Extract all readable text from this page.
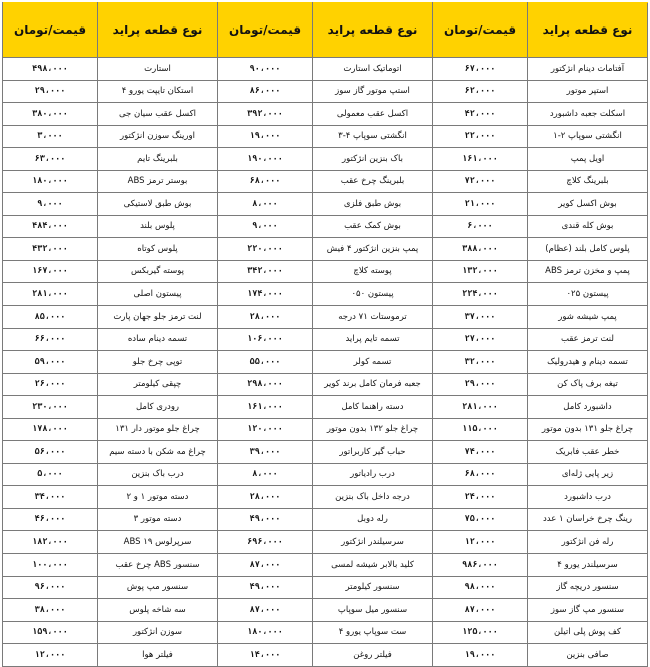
نوع قطعه پراید	قیمت/تومان	نوع قطعه پراید	قیمت/تومان	نوع قطعه پراید	قیمت/تومان
آفتامات دینام انژکتور	۶۷،۰۰۰	اتوماتیک استارت	۹۰،۰۰۰	استارت	۴۹۸،۰۰۰
استپر موتور	۶۲،۰۰۰	استپ موتور گاز سوز	۸۶،۰۰۰	استکان تایپت یورو ۴	۲۹،۰۰۰
اسکلت جعبه داشبورد	۴۲،۰۰۰	اکسل عقب معمولی	۳۹۲،۰۰۰	اکسل عقب سیان جی	۳۸۰،۰۰۰
انگشتی سوپاپ ۲-۱	۲۲،۰۰۰	انگشتی سوپاپ ۴-۳	۱۹،۰۰۰	اورینگ سوزن انژکتور	۳،۰۰۰
اویل پمپ	۱۶۱،۰۰۰	باک بنزین انژکتور	۱۹۰،۰۰۰	بلبرینگ تایم	۶۳،۰۰۰
بلبرینگ کلاچ	۷۲،۰۰۰	بلبرینگ چرخ عقب	۶۸،۰۰۰	بوستر ترمز ABS	۱۸۰،۰۰۰
بوش اکسل کویر	۲۱،۰۰۰	بوش طبق فلزی	۸،۰۰۰	بوش طبق لاستیکی	۹،۰۰۰
بوش کله قندی	۶،۰۰۰	بوش کمک عقب	۹،۰۰۰	پلوس بلند	۴۸۴،۰۰۰
پلوس کامل بلند (عظام)	۳۸۸،۰۰۰	پمپ بنزین انژکتور ۴ فیش	۲۲۰،۰۰۰	پلوس کوتاه	۴۳۲،۰۰۰
پمپ و مخزن ترمز ABS	۱۳۲،۰۰۰	پوسته کلاچ	۳۴۲،۰۰۰	پوسته گیربکس	۱۶۷،۰۰۰
پیستون ۰۲۵	۲۲۴،۰۰۰	پیستون ۰۵۰	۱۷۴،۰۰۰	پیستون اصلی	۲۸۱،۰۰۰
پمپ شیشه شور	۳۷،۰۰۰	ترموستات ۷۱ درجه	۲۸،۰۰۰	لنت ترمز جلو جهان پارت	۸۵،۰۰۰
لنت ترمز عقب	۲۷،۰۰۰	تسمه تایم پراید	۱۰۶،۰۰۰	تسمه دینام ساده	۶۶،۰۰۰
تسمه دینام و هیدرولیک	۳۲،۰۰۰	تسمه کولر	۵۵،۰۰۰	توپی چرخ جلو	۵۹،۰۰۰
تیغه برف پاک کن	۲۹،۰۰۰	جعبه فرمان کامل برند کویر	۲۹۸،۰۰۰	چپقی کیلومتر	۲۶،۰۰۰
داشبورد کامل	۲۸۱،۰۰۰	دسته راهنما کامل	۱۶۱،۰۰۰	رودری کامل	۲۳۰،۰۰۰
چراغ جلو ۱۳۱ بدون موتور	۱۱۵،۰۰۰	چراغ جلو ۱۳۲ بدون موتور	۱۲۰،۰۰۰	چراغ جلو موتور دار ۱۳۱	۱۷۸،۰۰۰
خطر عقب فابریک	۷۴،۰۰۰	حباب گیر کاربراتور	۳۹،۰۰۰	چراغ مه شکن با دسته سیم	۵۶،۰۰۰
زیر پایی ژله‌ای	۶۸،۰۰۰	درب رادیاتور	۸،۰۰۰	درب باک بنزین	۵،۰۰۰
درب داشبورد	۲۴،۰۰۰	درجه داخل باک بنزین	۲۸،۰۰۰	دسته موتور ۱ و ۲	۳۴،۰۰۰
رینگ چرخ خراسان ۱ عدد	۷۵،۰۰۰	رله دوبل	۴۹،۰۰۰	دسته موتور ۳	۴۶،۰۰۰
رله فن انژکتور	۱۲،۰۰۰	سرسیلندر انژکتور	۶۹۶،۰۰۰	سرپرلوس ۱۹ ABS	۱۸۲،۰۰۰
سرسیلندر یورو ۴	۹۸۶،۰۰۰	کلید بالابر شیشه لمسی	۸۷،۰۰۰	سنسور ABS چرخ عقب	۱۰۰،۰۰۰
سنسور دریچه گاز	۹۸،۰۰۰	سنسور کیلومتر	۴۹،۰۰۰	سنسور مپ پوش	۹۶،۰۰۰
سنسور مپ گاز سوز	۸۷،۰۰۰	سنسور میل سوپاپ	۸۷،۰۰۰	سه شاخه پلوس	۳۸،۰۰۰
کف پوش پلی اتیلن	۱۲۵،۰۰۰	ست سوپاپ یورو ۴	۱۸۰،۰۰۰	سوزن انژکتور	۱۵۹،۰۰۰
صافی بنزین	۱۹،۰۰۰	فیلتر روغن	۱۴،۰۰۰	فیلتر هوا	۱۲،۰۰۰
